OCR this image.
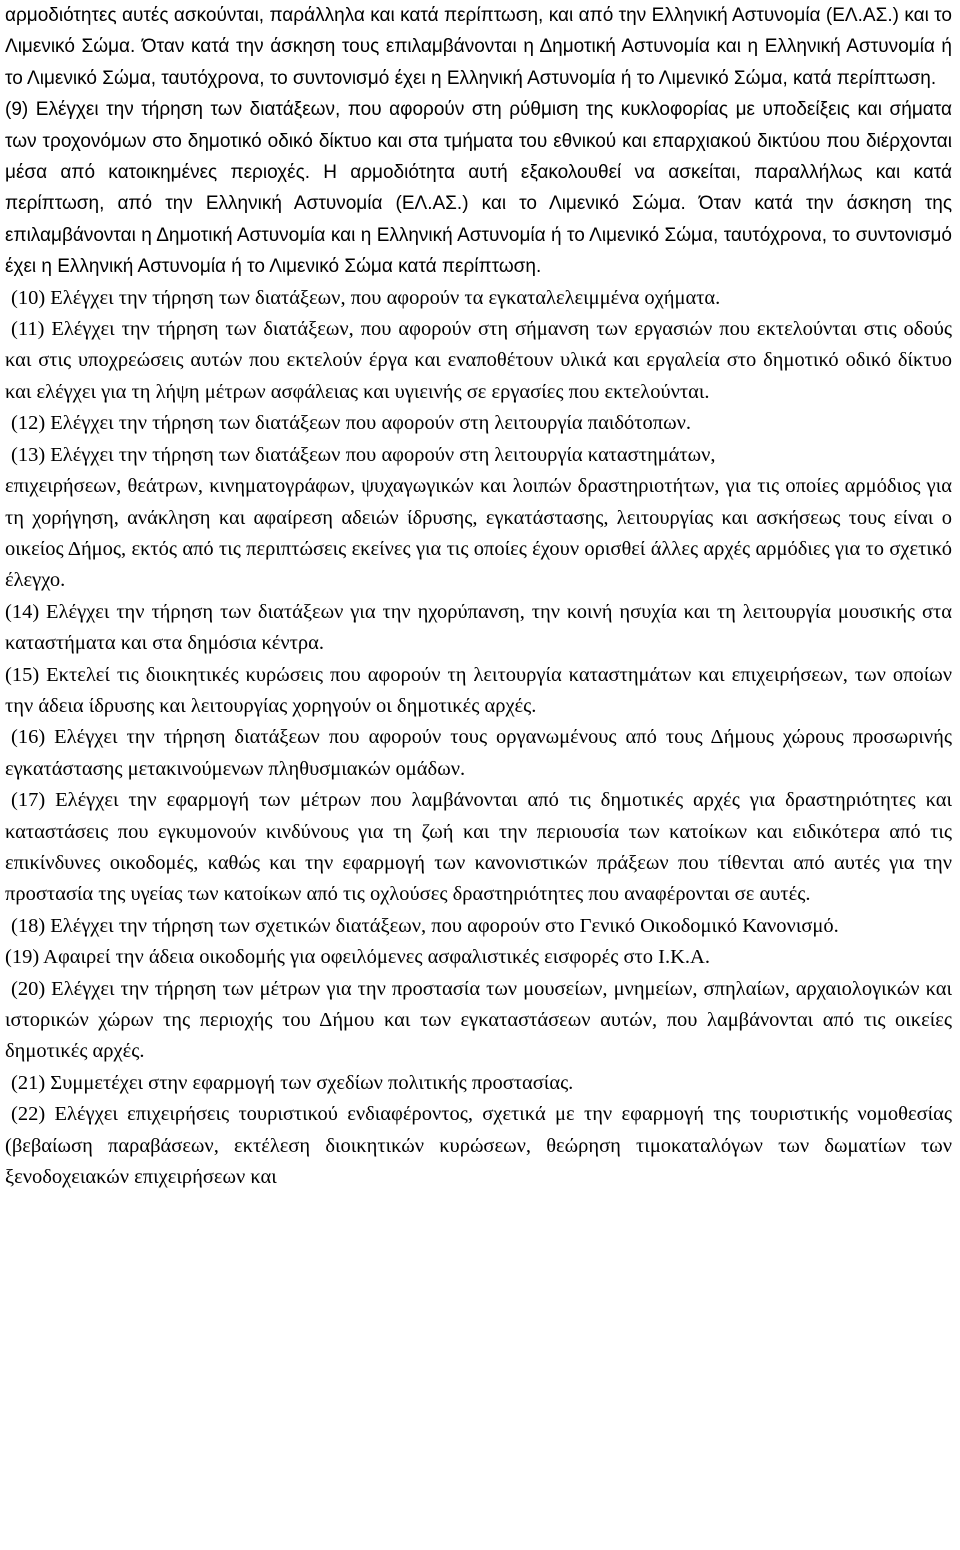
αρμοδιότητες αυτές ασκούνται, παράλληλα και κατά περίπτωση, και από την Ελληνική Αστυνομία (ΕΛ.ΑΣ.) και το Λιμενικό Σώμα. Όταν κατά την άσκηση τους επιλαμβάνονται η Δημοτική Αστυνομία και η Ελληνική Αστυνομία ή το Λιμενικό Σώμα, ταυτόχρονα, το συντονισμό έχει η Ελληνική Αστυνομία ή το Λιμενικό Σώμα, κατά περίπτωση.

(9) Ελέγχει την τήρηση των διατάξεων, που αφορούν στη ρύθμιση της κυκλοφορίας με υποδείξεις και σήματα των τροχονόμων στο δημοτικό οδικό δίκτυο και στα τμήματα του εθνικού και επαρχιακού δικτύου που διέρχονται μέσα από κατοικημένες περιοχές. Η αρμοδιότητα αυτή εξακολουθεί να ασκείται, παραλλήλως και κατά περίπτωση, από την Ελληνική Αστυνομία (ΕΛ.ΑΣ.) και το Λιμενικό Σώμα. Όταν κατά την άσκηση της επιλαμβάνονται η Δημοτική Αστυνομία και η Ελληνική Αστυνομία ή το Λιμενικό Σώμα, ταυτόχρονα, το συντονισμό έχει η Ελληνική Αστυνομία ή το Λιμενικό Σώμα κατά περίπτωση.

(10) Ελέγχει την τήρηση των διατάξεων, που αφορούν τα εγκαταλελειμμένα οχήματα.

(11) Ελέγχει την τήρηση των διατάξεων, που αφορούν στη σήμανση των εργασιών που εκτελούνται στις οδούς και στις υποχρεώσεις αυτών που εκτελούν έργα και εναποθέτουν υλικά και εργαλεία στο δημοτικό οδικό δίκτυο και ελέγχει για τη λήψη μέτρων ασφάλειας και υγιεινής σε εργασίες που εκτελούνται.

(12) Ελέγχει την τήρηση των διατάξεων που αφορούν στη λειτουργία παιδότοπων.

(13) Ελέγχει την τήρηση των διατάξεων που αφορούν στη λειτουργία καταστημάτων,

επιχειρήσεων, θεάτρων, κινηματογράφων, ψυχαγωγικών και λοιπών δραστηριοτήτων, για τις οποίες αρμόδιος για τη χορήγηση, ανάκληση και αφαίρεση αδειών ίδρυσης, εγκατάστασης, λειτουργίας και ασκήσεως τους είναι ο οικείος Δήμος, εκτός από τις περιπτώσεις εκείνες για τις οποίες έχουν ορισθεί άλλες αρχές αρμόδιες για το σχετικό έλεγχο.

(14) Ελέγχει την τήρηση των διατάξεων για την ηχορύπανση, την κοινή ησυχία και τη λειτουργία μουσικής στα καταστήματα και στα δημόσια κέντρα.

(15) Εκτελεί τις διοικητικές κυρώσεις που αφορούν τη λειτουργία καταστημάτων και επιχειρήσεων, των οποίων την άδεια ίδρυσης και λειτουργίας χορηγούν οι δημοτικές αρχές.

(16) Ελέγχει την τήρηση διατάξεων που αφορούν τους οργανωμένους από τους Δήμους χώρους προσωρινής εγκατάστασης μετακινούμενων πληθυσμιακών ομάδων.

(17) Ελέγχει την εφαρμογή των μέτρων που λαμβάνονται από τις δημοτικές αρχές για δραστηριότητες και καταστάσεις που εγκυμονούν κινδύνους για τη ζωή και την περιουσία των κατοίκων και ειδικότερα από τις επικίνδυνες οικοδομές, καθώς και την εφαρμογή των κανονιστικών πράξεων που τίθενται από αυτές για την προστασία της υγείας των κατοίκων από τις οχλούσες δραστηριότητες που αναφέρονται σε αυτές.

(18) Ελέγχει την τήρηση των σχετικών διατάξεων, που αφορούν στο Γενικό Οικοδομικό Κανονισμό.

(19) Αφαιρεί την άδεια οικοδομής για οφειλόμενες ασφαλιστικές εισφορές στο Ι.Κ.Α.

(20) Ελέγχει την τήρηση των μέτρων για την προστασία των μουσείων, μνημείων, σπηλαίων, αρχαιολογικών και ιστορικών χώρων της περιοχής του Δήμου και των εγκαταστάσεων αυτών, που λαμβάνονται από τις οικείες δημοτικές αρχές.

(21) Συμμετέχει στην εφαρμογή των σχεδίων πολιτικής προστασίας.

(22) Ελέγχει επιχειρήσεις τουριστικού ενδιαφέροντος, σχετικά με την εφαρμογή της τουριστικής νομοθεσίας (βεβαίωση παραβάσεων, εκτέλεση διοικητικών κυρώσεων, θεώρηση τιμοκαταλόγων των δωματίων των ξενοδοχειακών επιχειρήσεων και
